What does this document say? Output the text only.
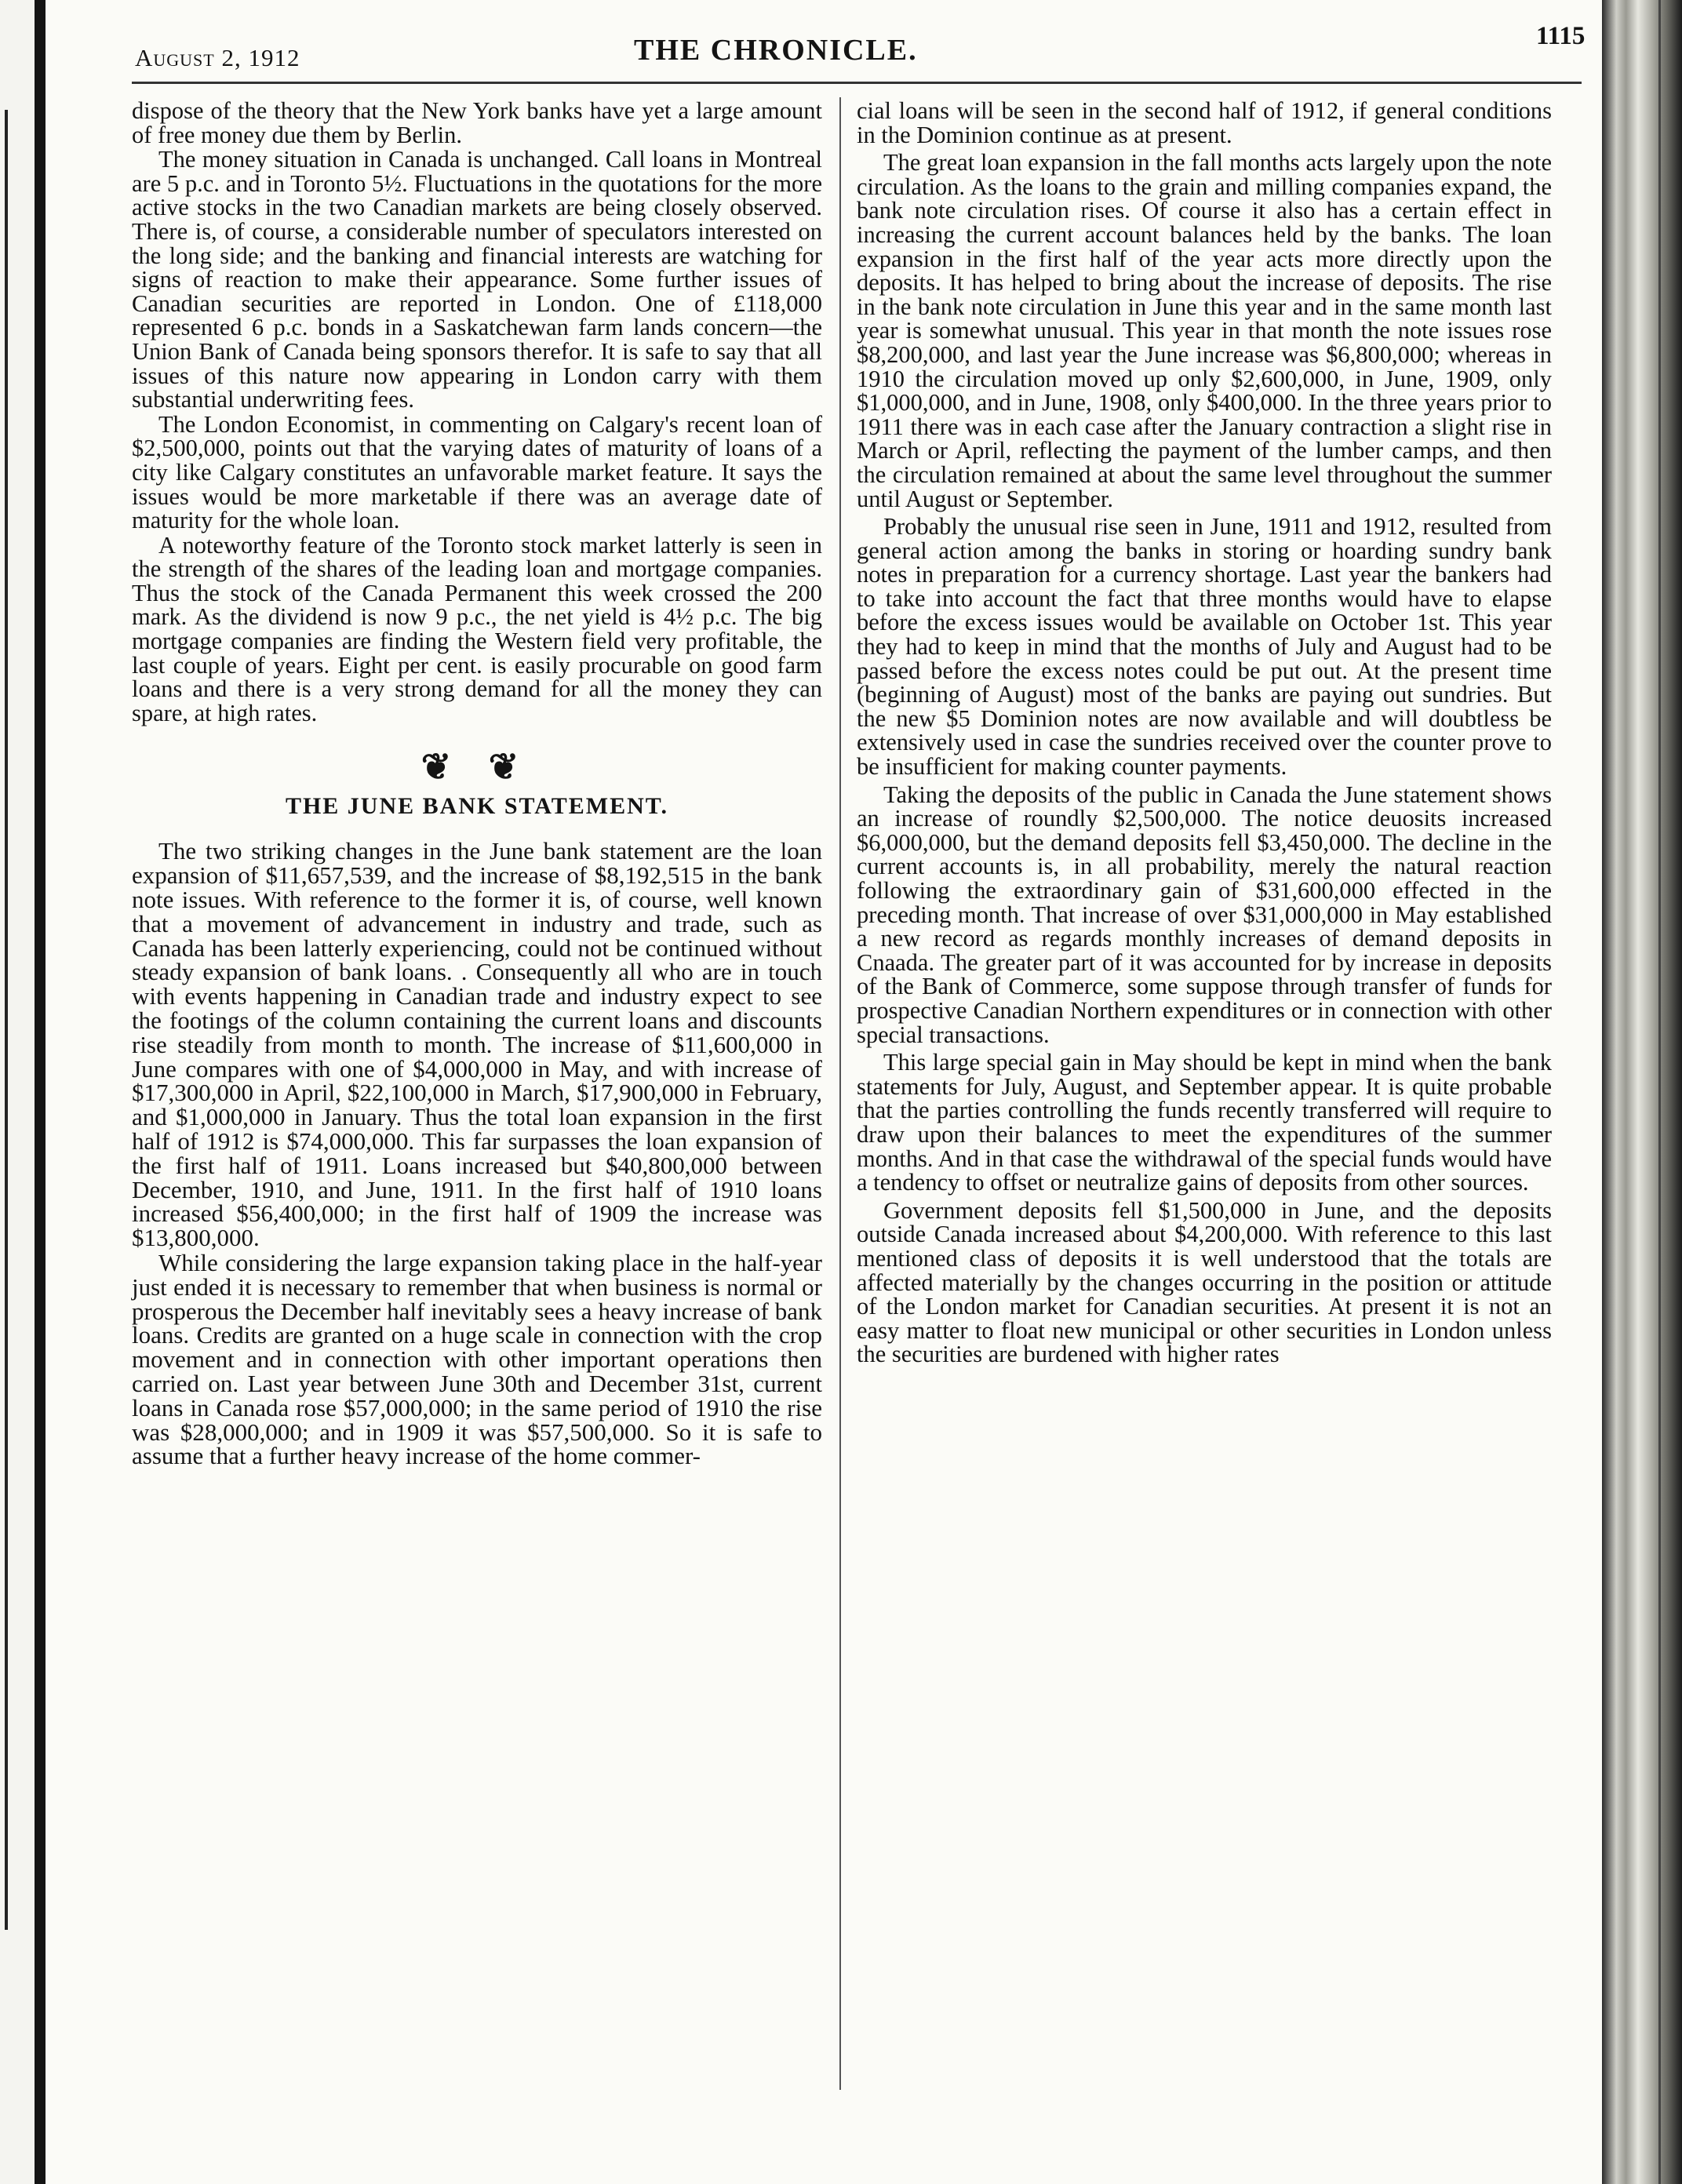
August 2, 1912	THE CHRONICLE.	1115

dispose of the theory that the New York banks have yet a large amount of free money due them by Berlin.

The money situation in Canada is unchanged. Call loans in Montreal are 5 p.c. and in Toronto 5½. Fluctuations in the quotations for the more active stocks in the two Canadian markets are being closely observed. There is, of course, a considerable number of speculators interested on the long side; and the banking and financial interests are watching for signs of reaction to make their appearance. Some further issues of Canadian securities are reported in London. One of £118,000 represented 6 p.c. bonds in a Saskatchewan farm lands concern—the Union Bank of Canada being sponsors therefor. It is safe to say that all issues of this nature now appearing in London carry with them substantial underwriting fees.

The London Economist, in commenting on Calgary's recent loan of $2,500,000, points out that the varying dates of maturity of loans of a city like Calgary constitutes an unfavorable market feature. It says the issues would be more marketable if there was an average date of maturity for the whole loan.

A noteworthy feature of the Toronto stock market latterly is seen in the strength of the shares of the leading loan and mortgage companies. Thus the stock of the Canada Permanent this week crossed the 200 mark. As the dividend is now 9 p.c., the net yield is 4½ p.c. The big mortgage companies are finding the Western field very profitable, the last couple of years. Eight per cent. is easily procurable on good farm loans and there is a very strong demand for all the money they can spare, at high rates.

❦ ❦
THE JUNE BANK STATEMENT.

The two striking changes in the June bank statement are the loan expansion of $11,657,539, and the increase of $8,192,515 in the bank note issues. With reference to the former it is, of course, well known that a movement of advancement in industry and trade, such as Canada has been latterly experiencing, could not be continued without steady expansion of bank loans. . Consequently all who are in touch with events happening in Canadian trade and industry expect to see the footings of the column containing the current loans and discounts rise steadily from month to month. The increase of $11,600,000 in June compares with one of $4,000,000 in May, and with increase of $17,300,000 in April, $22,100,000 in March, $17,900,000 in February, and $1,000,000 in January. Thus the total loan expansion in the first half of 1912 is $74,000,000. This far surpasses the loan expansion of the first half of 1911. Loans increased but $40,800,000 between December, 1910, and June, 1911. In the first half of 1910 loans increased $56,400,000; in the first half of 1909 the increase was $13,800,000.

While considering the large expansion taking place in the half-year just ended it is necessary to remember that when business is normal or prosperous the December half inevitably sees a heavy increase of bank loans. Credits are granted on a huge scale in connection with the crop movement and in connection with other important operations then carried on. Last year between June 30th and December 31st, current loans in Canada rose $57,000,000; in the same period of 1910 the rise was $28,000,000; and in 1909 it was $57,500,000. So it is safe to assume that a further heavy increase of the home commer-

cial loans will be seen in the second half of 1912, if general conditions in the Dominion continue as at present.

The great loan expansion in the fall months acts largely upon the note circulation. As the loans to the grain and milling companies expand, the bank note circulation rises. Of course it also has a certain effect in increasing the current account balances held by the banks. The loan expansion in the first half of the year acts more directly upon the deposits. It has helped to bring about the increase of deposits. The rise in the bank note circulation in June this year and in the same month last year is somewhat unusual. This year in that month the note issues rose $8,200,000, and last year the June increase was $6,800,000; whereas in 1910 the circulation moved up only $2,600,000, in June, 1909, only $1,000,000, and in June, 1908, only $400,000. In the three years prior to 1911 there was in each case after the January contraction a slight rise in March or April, reflecting the payment of the lumber camps, and then the circulation remained at about the same level throughout the summer until August or September.

Probably the unusual rise seen in June, 1911 and 1912, resulted from general action among the banks in storing or hoarding sundry bank notes in preparation for a currency shortage. Last year the bankers had to take into account the fact that three months would have to elapse before the excess issues would be available on October 1st. This year they had to keep in mind that the months of July and August had to be passed before the excess notes could be put out. At the present time (beginning of August) most of the banks are paying out sundries. But the new $5 Dominion notes are now available and will doubtless be extensively used in case the sundries received over the counter prove to be insufficient for making counter payments.

Taking the deposits of the public in Canada the June statement shows an increase of roundly $2,500,000. The notice deuosits increased $6,000,000, but the demand deposits fell $3,450,000. The decline in the current accounts is, in all probability, merely the natural reaction following the extraordinary gain of $31,600,000 effected in the preceding month. That increase of over $31,000,000 in May established a new record as regards monthly increases of demand deposits in Cnaada. The greater part of it was accounted for by increase in deposits of the Bank of Commerce, some suppose through transfer of funds for prospective Canadian Northern expenditures or in connection with other special transactions.

This large special gain in May should be kept in mind when the bank statements for July, August, and September appear. It is quite probable that the parties controlling the funds recently transferred will require to draw upon their balances to meet the expenditures of the summer months. And in that case the withdrawal of the special funds would have a tendency to offset or neutralize gains of deposits from other sources.

Government deposits fell $1,500,000 in June, and the deposits outside Canada increased about $4,200,000. With reference to this last mentioned class of deposits it is well understood that the totals are affected materially by the changes occurring in the position or attitude of the London market for Canadian securities. At present it is not an easy matter to float new municipal or other securities in London unless the securities are burdened with higher rates
